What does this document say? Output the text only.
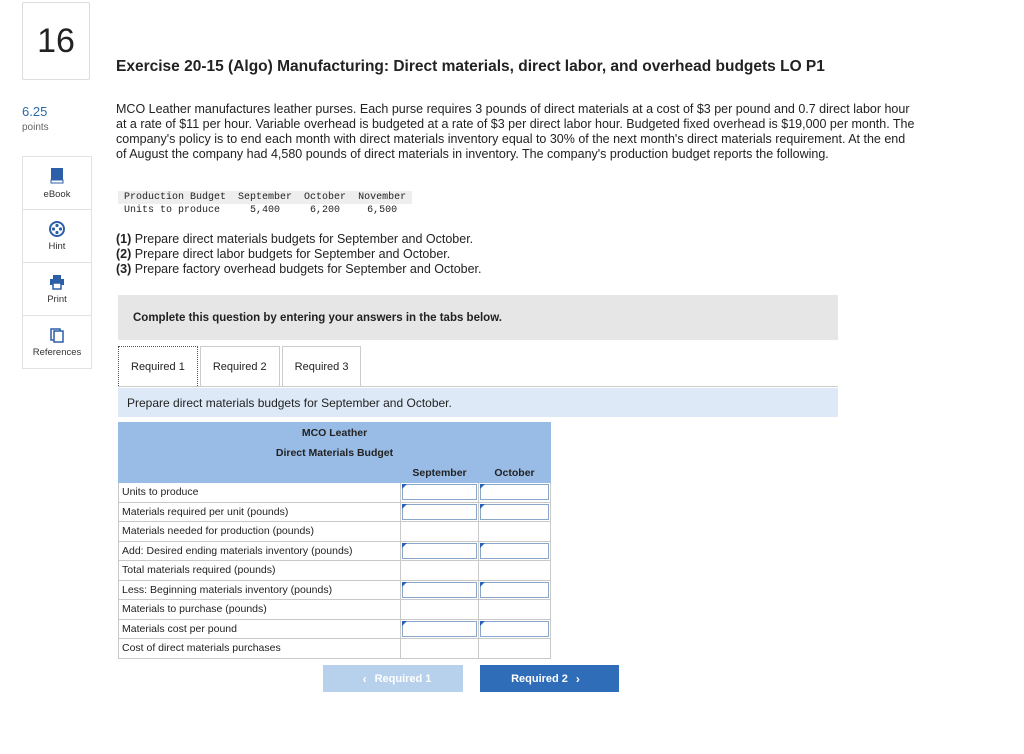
16
6.25
points
eBook
Hint
Print
References
Exercise 20-15 (Algo) Manufacturing: Direct materials, direct labor, and overhead budgets LO P1
MCO Leather manufactures leather purses. Each purse requires 3 pounds of direct materials at a cost of $3 per pound and 0.7 direct labor hour at a rate of $11 per hour. Variable overhead is budgeted at a rate of $3 per direct labor hour. Budgeted fixed overhead is $19,000 per month. The company's policy is to end each month with direct materials inventory equal to 30% of the next month's direct materials requirement. At the end of August the company had 4,580 pounds of direct materials in inventory. The company's production budget reports the following.
Production Budget	September	October	November
Units to produce	5,400	6,200	6,500
(1) Prepare direct materials budgets for September and October.
(2) Prepare direct labor budgets for September and October.
(3) Prepare factory overhead budgets for September and October.
Complete this question by entering your answers in the tabs below.
Required 1	Required 2	Required 3
Prepare direct materials budgets for September and October.
MCO Leather		
Direct Materials Budget		
	September	October
Units to produce	

Materials required per unit (pounds)	

Materials needed for production (pounds)		
Add: Desired ending materials inventory (pounds)	

Total materials required (pounds)		
Less: Beginning materials inventory (pounds)	

Materials to purchase (pounds)		
Materials cost per pound	

Cost of direct materials purchases		
‹ Required 1	Required 2 ›
